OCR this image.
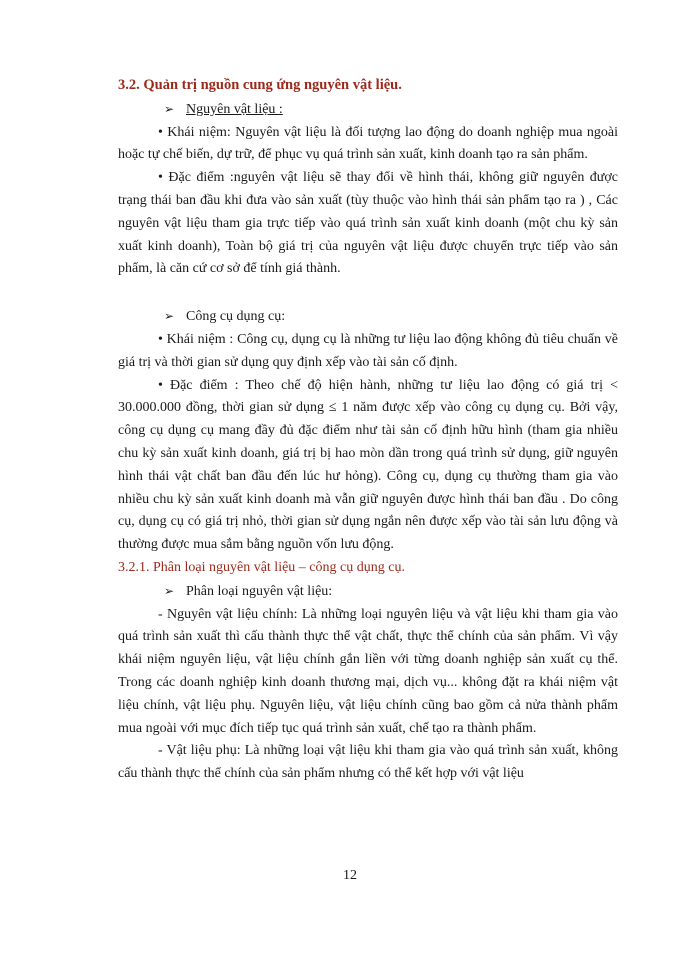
3.2. Quản trị nguồn cung ứng nguyên vật liệu.

➢ Nguyên vật liệu :

• Khái niệm: Nguyên vật liệu là đối tượng lao động do doanh nghiệp mua ngoài hoặc tự chế biến, dự trữ, để phục vụ quá trình sản xuất, kinh doanh tạo ra sản phẩm.

• Đặc điểm :nguyên vật liệu sẽ thay đổi về hình thái, không giữ nguyên được trạng thái ban đầu khi đưa vào sản xuất (tùy thuộc vào hình thái sản phẩm tạo ra ) , Các nguyên vật liệu tham gia trực tiếp vào quá trình sản xuất kinh doanh (một chu kỳ sản xuất kinh doanh), Toàn bộ giá trị của nguyên vật liệu được chuyển trực tiếp vào sản phẩm, là căn cứ cơ sở để tính giá thành.

➢ Công cụ dụng cụ:

• Khái niệm : Công cụ, dụng cụ là những tư liệu lao động không đủ tiêu chuẩn về giá trị và thời gian sử dụng quy định xếp vào tài sản cố định.

• Đặc điểm : Theo chế độ hiện hành, những tư liệu lao động có giá trị < 30.000.000 đồng, thời gian sử dụng ≤ 1 năm được xếp vào công cụ dụng cụ. Bởi vậy, công cụ dụng cụ mang đầy đủ đặc điểm như tài sản cố định hữu hình (tham gia nhiều chu kỳ sản xuất kinh doanh, giá trị bị hao mòn dần trong quá trình sử dụng, giữ nguyên hình thái vật chất ban đầu đến lúc hư hỏng). Công cụ, dụng cụ thường tham gia vào nhiều chu kỳ sản xuất kinh doanh mà vẫn giữ nguyên được hình thái ban đầu . Do công cụ, dụng cụ có giá trị nhỏ, thời gian sử dụng ngắn nên được xếp vào tài sản lưu động và thường được mua sắm bằng nguồn vốn lưu động.

3.2.1. Phân loại nguyên vật liệu – công cụ dụng cụ.

➢ Phân loại nguyên vật liệu:

- Nguyên vật liệu chính: Là những loại nguyên liệu và vật liệu khi tham gia vào quá trình sản xuất thì cấu thành thực thể vật chất, thực thể chính của sản phẩm. Vì vậy khái niệm nguyên liệu, vật liệu chính gắn liền với từng doanh nghiệp sản xuất cụ thể. Trong các doanh nghiệp kinh doanh thương mại, dịch vụ... không đặt ra khái niệm vật liệu chính, vật liệu phụ. Nguyên liệu, vật liệu chính cũng bao gồm cả nửa thành phẩm mua ngoài với mục đích tiếp tục quá trình sản xuất, chế tạo ra thành phẩm.

- Vật liệu phụ: Là những loại vật liệu khi tham gia vào quá trình sản xuất, không cấu thành thực thể chính của sản phẩm nhưng có thể kết hợp với vật liệu

12
